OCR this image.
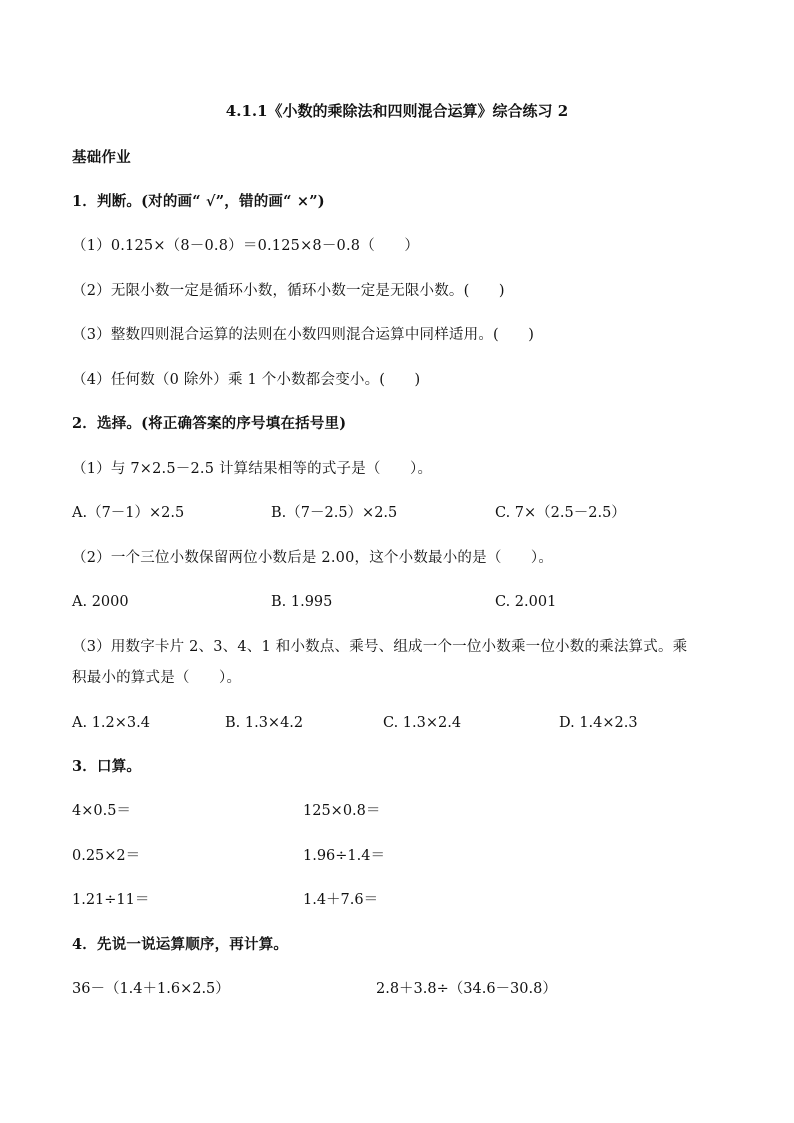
4.1.1《小数的乘除法和四则混合运算》综合练习 2
基础作业
1．判断。(对的画“ √”，错的画“ ×”)
（1）0.125×（8－0.8）＝0.125×8－0.8（　　）
（2）无限小数一定是循环小数，循环小数一定是无限小数。(　　)
（3）整数四则混合运算的法则在小数四则混合运算中同样适用。(　　)
（4）任何数（0 除外）乘 1 个小数都会变小。(　　)
2．选择。(将正确答案的序号填在括号里)
（1）与 7×2.5－2.5 计算结果相等的式子是（　　）。
A.（7－1）×2.5	B.（7－2.5）×2.5	C. 7×（2.5－2.5）
（2）一个三位小数保留两位小数后是 2.00，这个小数最小的是（　　）。
A. 2000	B. 1.995	C. 2.001
（3）用数字卡片 2、3、4、1 和小数点、乘号、组成一个一位小数乘一位小数的乘法算式。乘
积最小的算式是（　　）。
A. 1.2×3.4	B. 1.3×4.2	C. 1.3×2.4	D. 1.4×2.3
3．口算。
4×0.5＝	125×0.8＝
0.25×2＝	1.96÷1.4＝
1.21÷11＝	1.4＋7.6＝
4．先说一说运算顺序，再计算。
36－（1.4＋1.6×2.5）	2.8＋3.8÷（34.6－30.8）
